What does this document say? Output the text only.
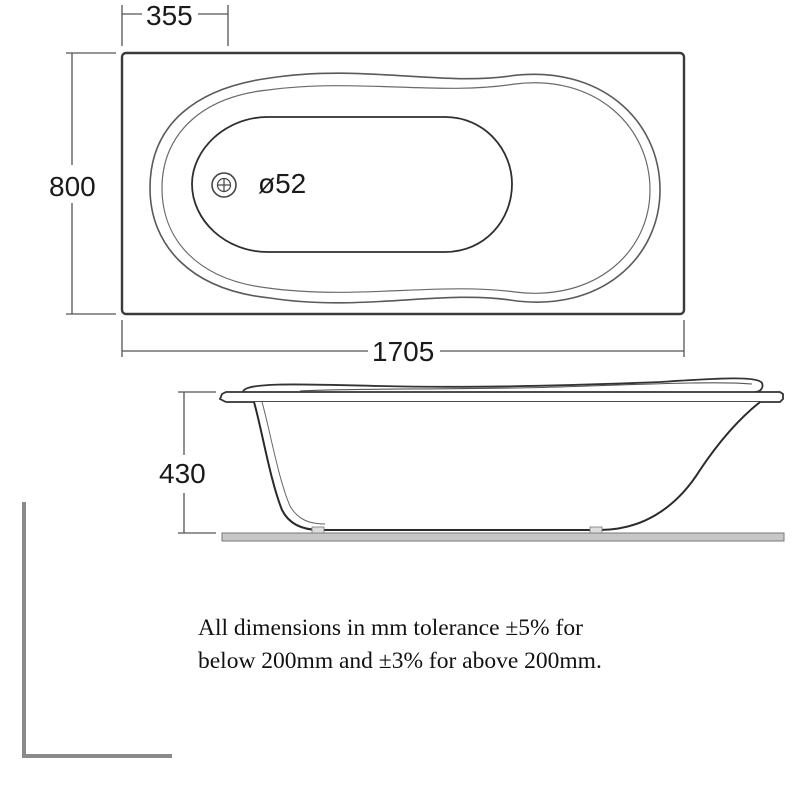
ø52
355
800
1705
430

All dimensions in mm tolerance ±5% for
below 200mm and ±3% for above 200mm.
